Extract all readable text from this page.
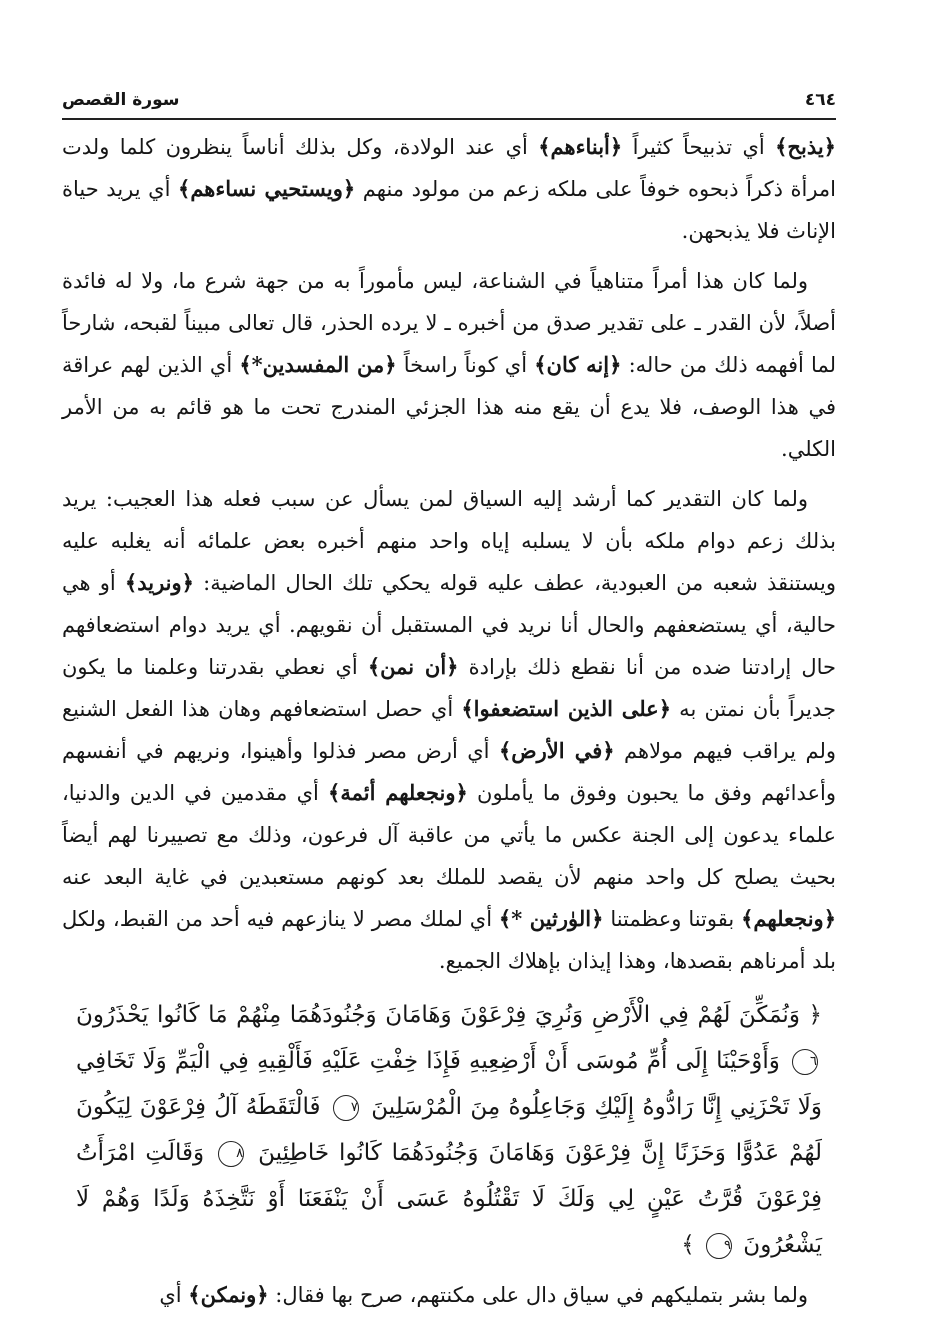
٤٦٤
سورة القصص

﴿يذبح﴾ أي تذبيحاً كثيراً ﴿أبناءهم﴾ أي عند الولادة، وكل بذلك أناساً ينظرون كلما ولدت امرأة ذكراً ذبحوه خوفاً على ملكه زعم من مولود منهم ﴿ويستحيي نساءهم﴾ أي يريد حياة الإناث فلا يذبحهن.

ولما كان هذا أمراً متناهياً في الشناعة، ليس مأموراً به من جهة شرع ما، ولا له فائدة أصلاً، لأن القدر ـ على تقدير صدق من أخبره ـ لا يرده الحذر، قال تعالى مبيناً لقبحه، شارحاً لما أفهمه ذلك من حاله: ﴿إنه كان﴾ أي كوناً راسخاً ﴿من المفسدين*﴾ أي الذين لهم عراقة في هذا الوصف، فلا يدع أن يقع منه هذا الجزئي المندرج تحت ما هو قائم به من الأمر الكلي.

ولما كان التقدير كما أرشد إليه السياق لمن يسأل عن سبب فعله هذا العجيب: يريد بذلك زعم دوام ملكه بأن لا يسلبه إياه واحد منهم أخبره بعض علمائه أنه يغلبه عليه ويستنقذ شعبه من العبودية، عطف عليه قوله يحكي تلك الحال الماضية: ﴿ونريد﴾ أو هي حالية، أي يستضعفهم والحال أنا نريد في المستقبل أن نقويهم. أي يريد دوام استضعافهم حال إرادتنا ضده من أنا نقطع ذلك بإرادة ﴿أن نمن﴾ أي نعطي بقدرتنا وعلمنا ما يكون جديراً بأن نمتن به ﴿على الذين استضعفوا﴾ أي حصل استضعافهم وهان هذا الفعل الشنيع ولم يراقب فيهم مولاهم ﴿في الأرض﴾ أي أرض مصر فذلوا وأهينوا، ونريهم في أنفسهم وأعدائهم وفق ما يحبون وفوق ما يأملون ﴿ونجعلهم أئمة﴾ أي مقدمين في الدين والدنيا، علماء يدعون إلى الجنة عكس ما يأتي من عاقبة آل فرعون، وذلك مع تصييرنا لهم أيضاً بحيث يصلح كل واحد منهم لأن يقصد للملك بعد كونهم مستعبدين في غاية البعد عنه ﴿ونجعلهم﴾ بقوتنا وعظمتنا ﴿الوٰرثين *﴾ أي لملك مصر لا ينازعهم فيه أحد من القبط، ولكل بلد أمرناهم بقصدها، وهذا إيذان بإهلاك الجميع.

﴿ وَنُمَكِّنَ لَهُمْ فِي الْأَرْضِ وَنُرِيَ فِرْعَوْنَ وَهَامَانَ وَجُنُودَهُمَا مِنْهُمْ مَا كَانُوا يَحْذَرُونَ ٦ وَأَوْحَيْنَا إِلَى أُمِّ مُوسَى أَنْ أَرْضِعِيهِ فَإِذَا خِفْتِ عَلَيْهِ فَأَلْقِيهِ فِي الْيَمِّ وَلَا تَخَافِي وَلَا تَحْزَنِي إِنَّا رَادُّوهُ إِلَيْكِ وَجَاعِلُوهُ مِنَ الْمُرْسَلِينَ ٧ فَالْتَقَطَهُ آلُ فِرْعَوْنَ لِيَكُونَ لَهُمْ عَدُوًّا وَحَزَنًا إِنَّ فِرْعَوْنَ وَهَامَانَ وَجُنُودَهُمَا كَانُوا خَاطِئِينَ ٨ وَقَالَتِ امْرَأَتُ فِرْعَوْنَ قُرَّتُ عَيْنٍ لِي وَلَكَ لَا تَقْتُلُوهُ عَسَى أَنْ يَنْفَعَنَا أَوْ نَتَّخِذَهُ وَلَدًا وَهُمْ لَا يَشْعُرُونَ ٩ ﴾

ولما بشر بتمليكهم في سياق دال على مكنتهم، صرح بها فقال: ﴿ونمكن﴾ أي
